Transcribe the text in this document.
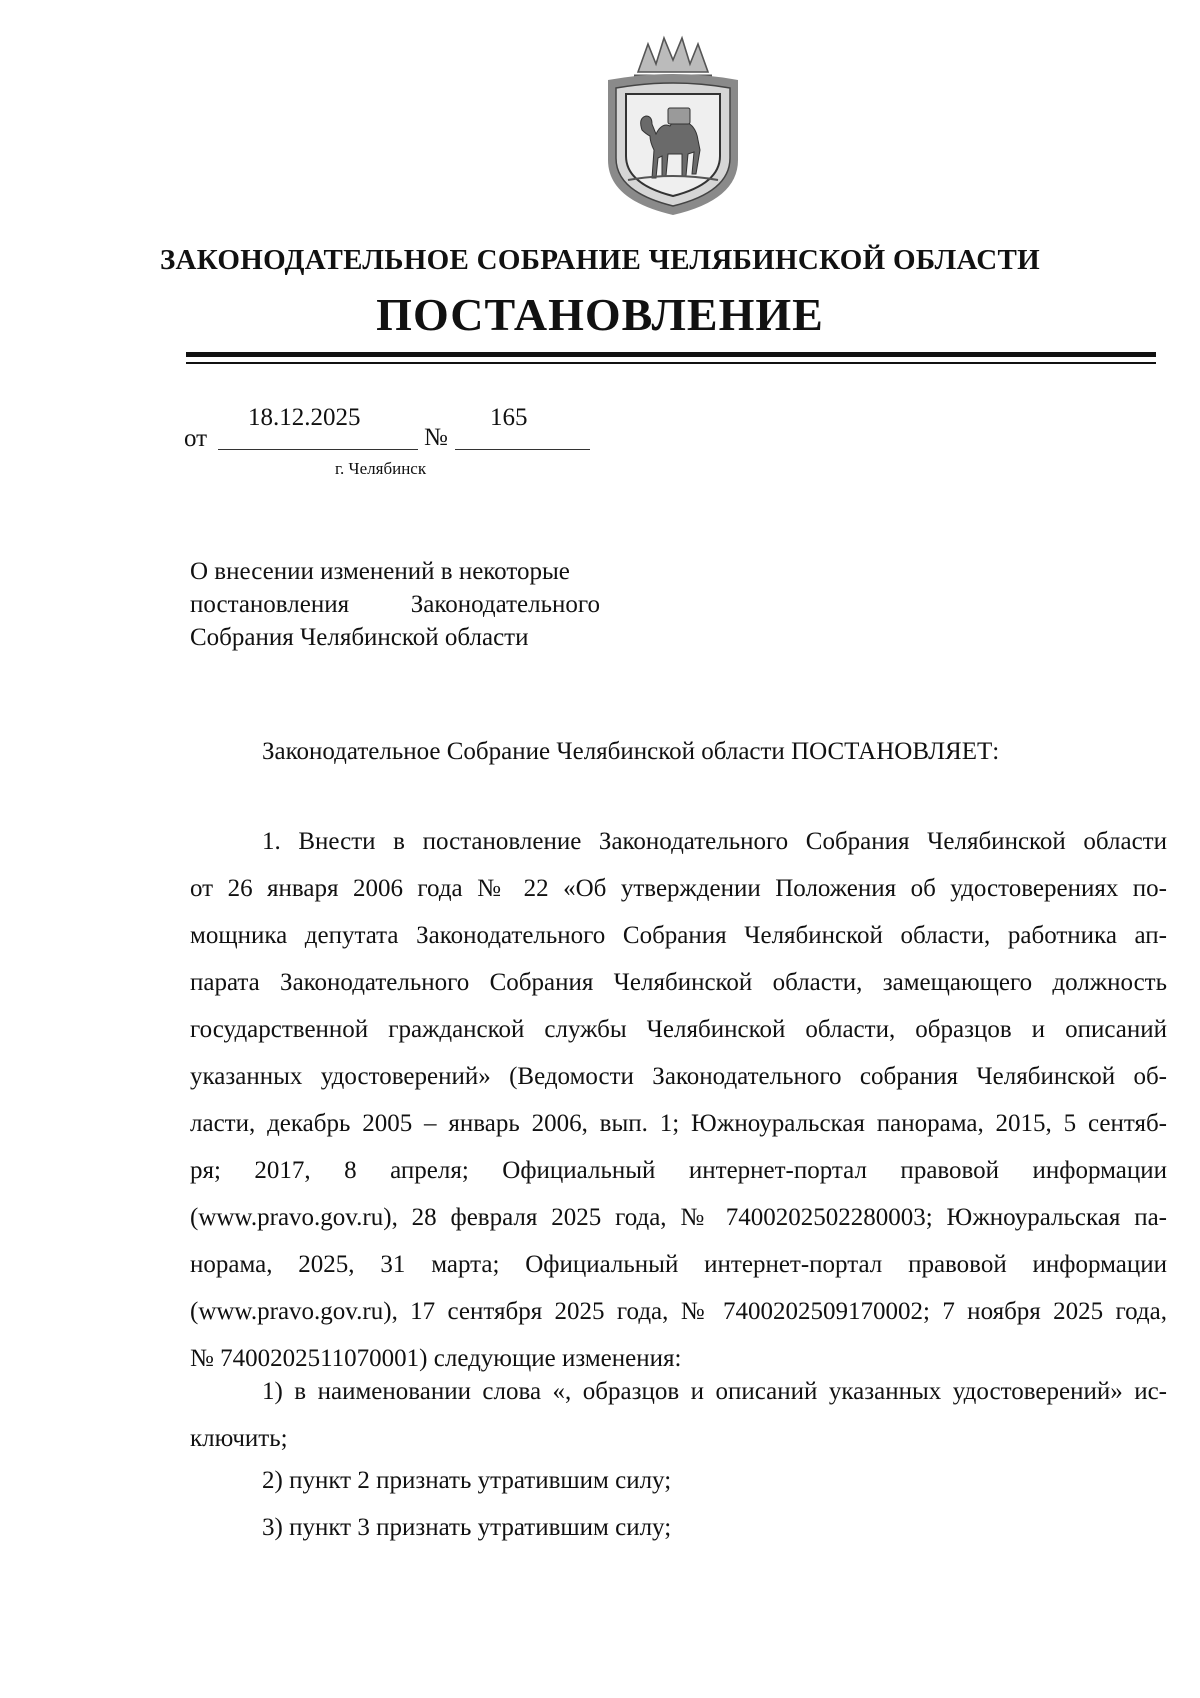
ЗАКОНОДАТЕЛЬНОЕ СОБРАНИЕ ЧЕЛЯБИНСКОЙ ОБЛАСТИ
ПОСТАНОВЛЕНИЕ
от
18.12.2025
№
165
г. Челябинск
О внесении изменений в некоторые
постановления Законодательного
Собрания Челябинской области
Законодательное Собрание Челябинской области ПОСТАНОВЛЯЕТ:
1. Внести в постановление Законодательного Собрания Челябинской области
от 26 января 2006 года № 22 «Об утверждении Положения об удостоверениях по-
мощника депутата Законодательного Собрания Челябинской области, работника ап-
парата Законодательного Собрания Челябинской области, замещающего должность
государственной гражданской службы Челябинской области, образцов и описаний
указанных удостоверений» (Ведомости Законодательного собрания Челябинской об-
ласти, декабрь 2005 – январь 2006, вып. 1; Южноуральская панорама, 2015, 5 сентяб-
ря; 2017, 8 апреля; Официальный интернет-портал правовой информации
(www.pravo.gov.ru), 28 февраля 2025 года, № 7400202502280003; Южноуральская па-
норама, 2025, 31 марта; Официальный интернет-портал правовой информации
(www.pravo.gov.ru), 17 сентября 2025 года, № 7400202509170002; 7 ноября 2025 года,
№ 7400202511070001) следующие изменения:
1) в наименовании слова «, образцов и описаний указанных удостоверений» ис-
ключить;
2) пункт 2 признать утратившим силу;
3) пункт 3 признать утратившим силу;
